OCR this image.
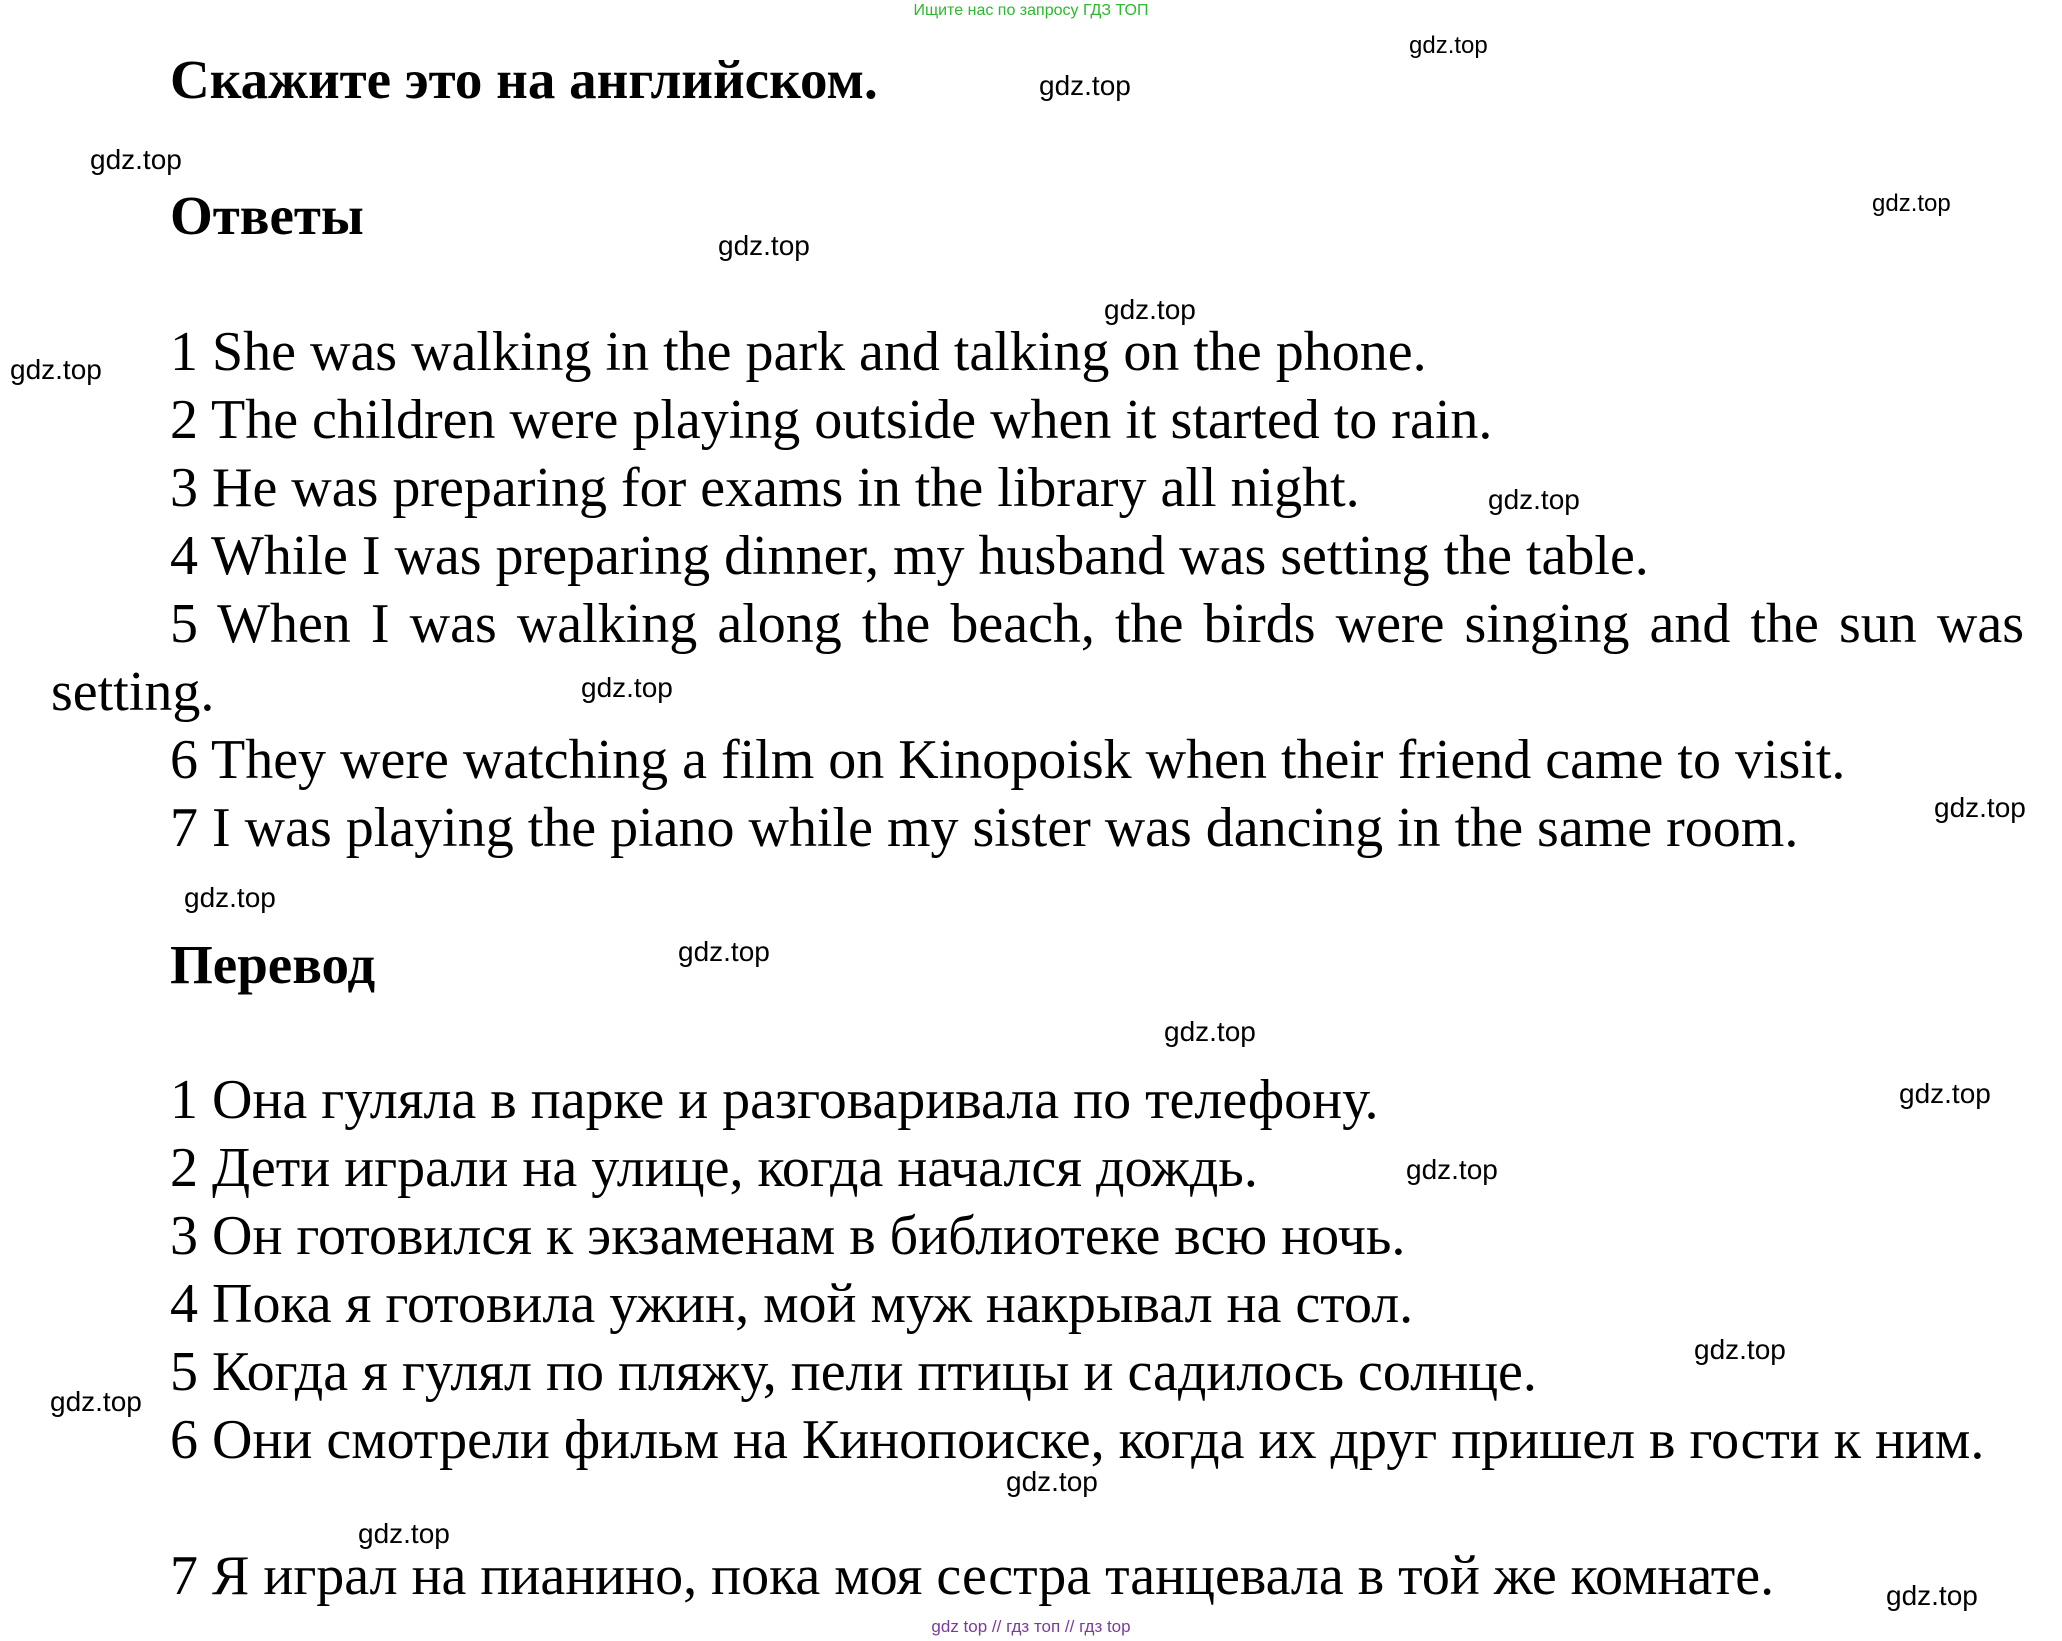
Ищите нас по запросу ГДЗ ТОП
Скажите это на английском.
Ответы
1 She was walking in the park and talking on the phone.
2 The children were playing outside when it started to rain.
3 He was preparing for exams in the library all night.
4 While I was preparing dinner, my husband was setting the table.
5 When I was walking along the beach, the birds were singing and the sun was setting.
6 They were watching a film on Kinopoisk when their friend came to visit.
7 I was playing the piano while my sister was dancing in the same room.
Перевод
1 Она гуляла в парке и разговаривала по телефону.
2 Дети играли на улице, когда начался дождь.
3 Он готовился к экзаменам в библиотеке всю ночь.
4 Пока я готовила ужин, мой муж накрывал на стол.
5 Когда я гулял по пляжу, пели птицы и садилось солнце.
6 Они смотрели фильм на Кинопоиске, когда их друг пришел в гости к ним.
7 Я играл на пианино, пока моя сестра танцевала в той же комнате.
gdz.top
gdz.top
gdz.top
gdz.top
gdz.top
gdz.top
gdz.top
gdz.top
gdz.top
gdz.top
gdz.top
gdz.top
gdz.top
gdz.top
gdz.top
gdz.top
gdz.top
gdz.top
gdz.top
gdz.top
gdz top // гдз топ // гдз top
